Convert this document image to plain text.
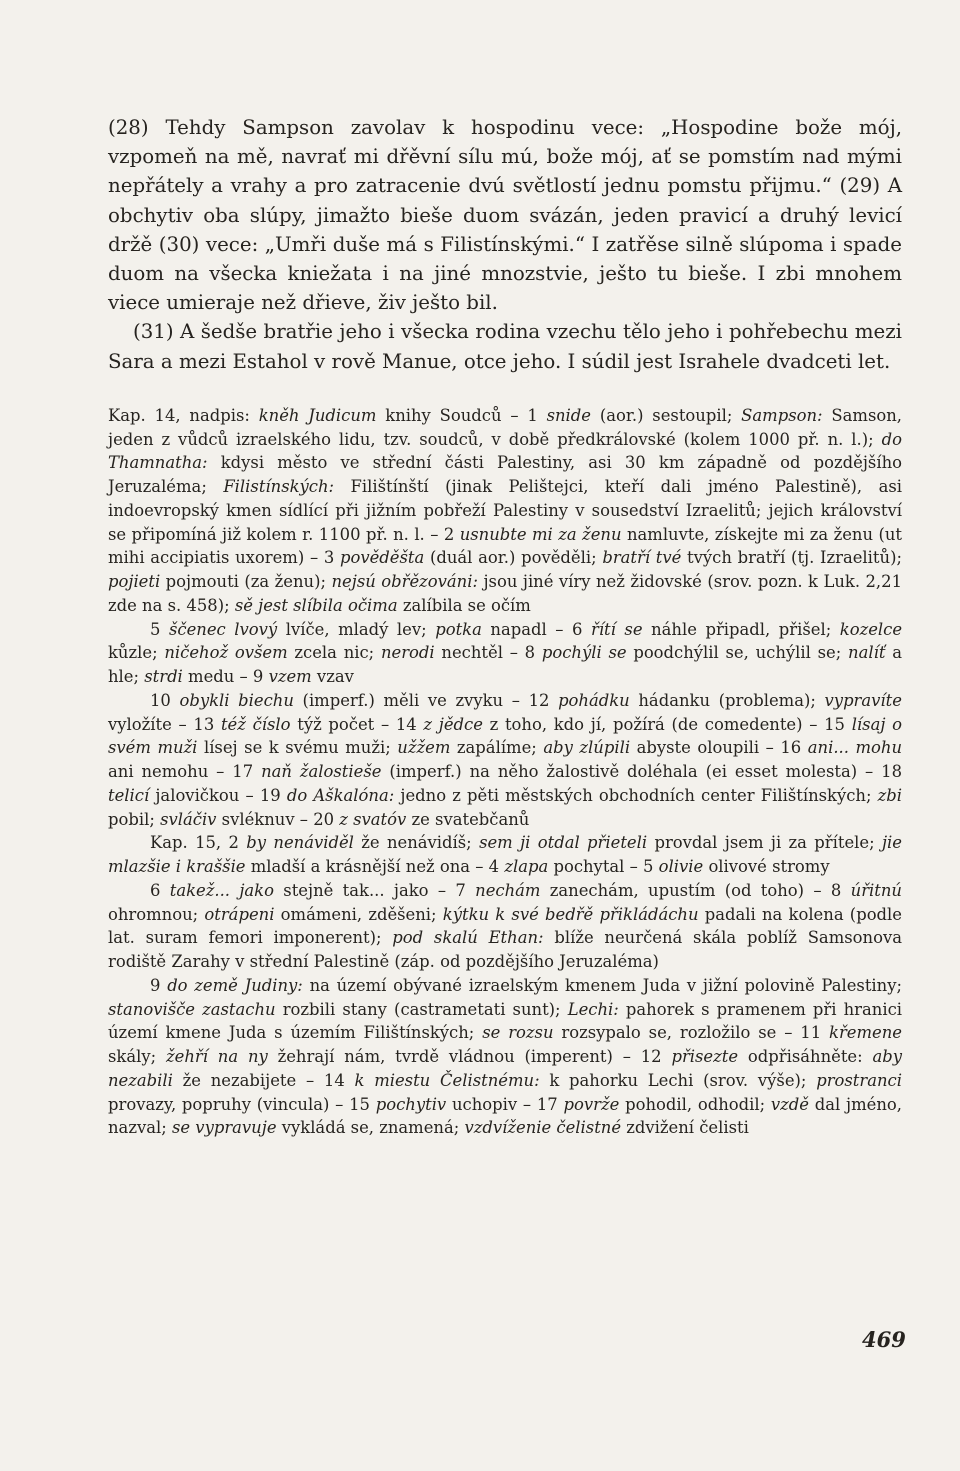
(28) Tehdy Sampson zavolav k hospodinu vece: „Hospodine bože mój, vzpomeň na mě, navrať mi dřěvní sílu mú, bože mój, ať se pomstím nad mými nepřátely a vrahy a pro zatracenie dvú světlostí jednu pomstu přijmu.“ (29) A obchytiv oba slúpy, jimažto bieše duom svázán, jeden pravicí a druhý levicí držě (30) vece: „Umři duše má s Filistínskými.“ I zatřěse silně slúpoma i spade duom na všecka kniežata i na jiné mnozstvie, ješto tu bieše. I zbi mnohem viece umieraje než dřieve, živ ješto bil.

(31) A šedše bratřie jeho i všecka rodina vzechu tělo jeho i pohřebechu mezi Sara a mezi Estahol v rově Manue, otce jeho. I súdil jest Israhele dvadceti let.

Kap. 14, nadpis: kněh Judicum knihy Soudců – 1 snide (aor.) sestoupil; Sampson: Samson, jeden z vůdců izraelského lidu, tzv. soudců, v době předkrálovské (kolem 1000 př. n. l.); do Thamnatha: kdysi město ve střední části Palestiny, asi 30 km západně od pozdějšího Jeruzaléma; Filistínských: Filištínští (jinak Pelištejci, kteří dali jméno Palestině), asi indoevropský kmen sídlící při jižním pobřeží Palestiny v sousedství Izraelitů; jejich království se připomíná již kolem r. 1100 př. n. l. – 2 usnubte mi za ženu namluvte, získejte mi za ženu (ut mihi accipiatis uxorem) – 3 pověděšta (duál aor.) pověděli; bratří tvé tvých bratří (tj. Izraelitů); pojieti pojmouti (za ženu); nejsú obřězováni: jsou jiné víry než židovské (srov. pozn. k Luk. 2,21 zde na s. 458); sě jest slíbila očima zalíbila se očím

5 ščenec lvový lvíče, mladý lev; potka napadl – 6 řítí se náhle připadl, přišel; kozelce kůzle; ničehož ovšem zcela nic; nerodi nechtěl – 8 pochýli se poodchýlil se, uchýlil se; nalíť a hle; strdi medu – 9 vzem vzav

10 obykli biechu (imperf.) měli ve zvyku – 12 pohádku hádanku (problema); vypravíte vyložíte – 13 též číslo týž počet – 14 z jědce z toho, kdo jí, požírá (de comedente) – 15 lísaj o svém muži lísej se k svému muži; užžem zapálíme; aby zlúpili abyste oloupili – 16 ani... mohu ani nemohu – 17 naň žalostieše (imperf.) na něho žalostivě doléhala (ei esset molesta) – 18 telicí jalovičkou – 19 do Aškalóna: jedno z pěti městských obchodních center Filištínských; zbi pobil; svláčiv svléknuv – 20 z svatóv ze svatebčanů

Kap. 15, 2 by nenáviděl že nenávidíš; sem ji otdal přieteli provdal jsem ji za přítele; jie mlazšie i kraššie mladší a krásnější než ona – 4 zlapa pochytal – 5 olivie olivové stromy

6 takež... jako stejně tak... jako – 7 nechám zanechám, upustím (od toho) – 8 úřitnú ohromnou; otrápeni omámeni, zděšeni; kýtku k své bedřě přikládáchu padali na kolena (podle lat. suram femori imponerent); pod skalú Ethan: blíže neurčená skála poblíž Samsonova rodiště Zarahy v střední Palestině (záp. od pozdějšího Jeruzaléma)

9 do země Judiny: na území obývané izraelským kmenem Juda v jižní polovině Palestiny; stanovišče zastachu rozbili stany (castrametati sunt); Lechi: pahorek s pramenem při hranici území kmene Juda s územím Filištínských; se rozsu rozsypalo se, rozložilo se – 11 křemene skály; žehří na ny žehrají nám, tvrdě vládnou (imperent) – 12 přisezte odpřisáhněte: aby nezabili že nezabijete – 14 k miestu Čelistnému: k pahorku Lechi (srov. výše); prostranci provazy, popruhy (vincula) – 15 pochytiv uchopiv – 17 povrže pohodil, odhodil; vzdě dal jméno, nazval; se vypravuje vykládá se, znamená; vzdvíženie čelistné zdvižení čelisti

469
